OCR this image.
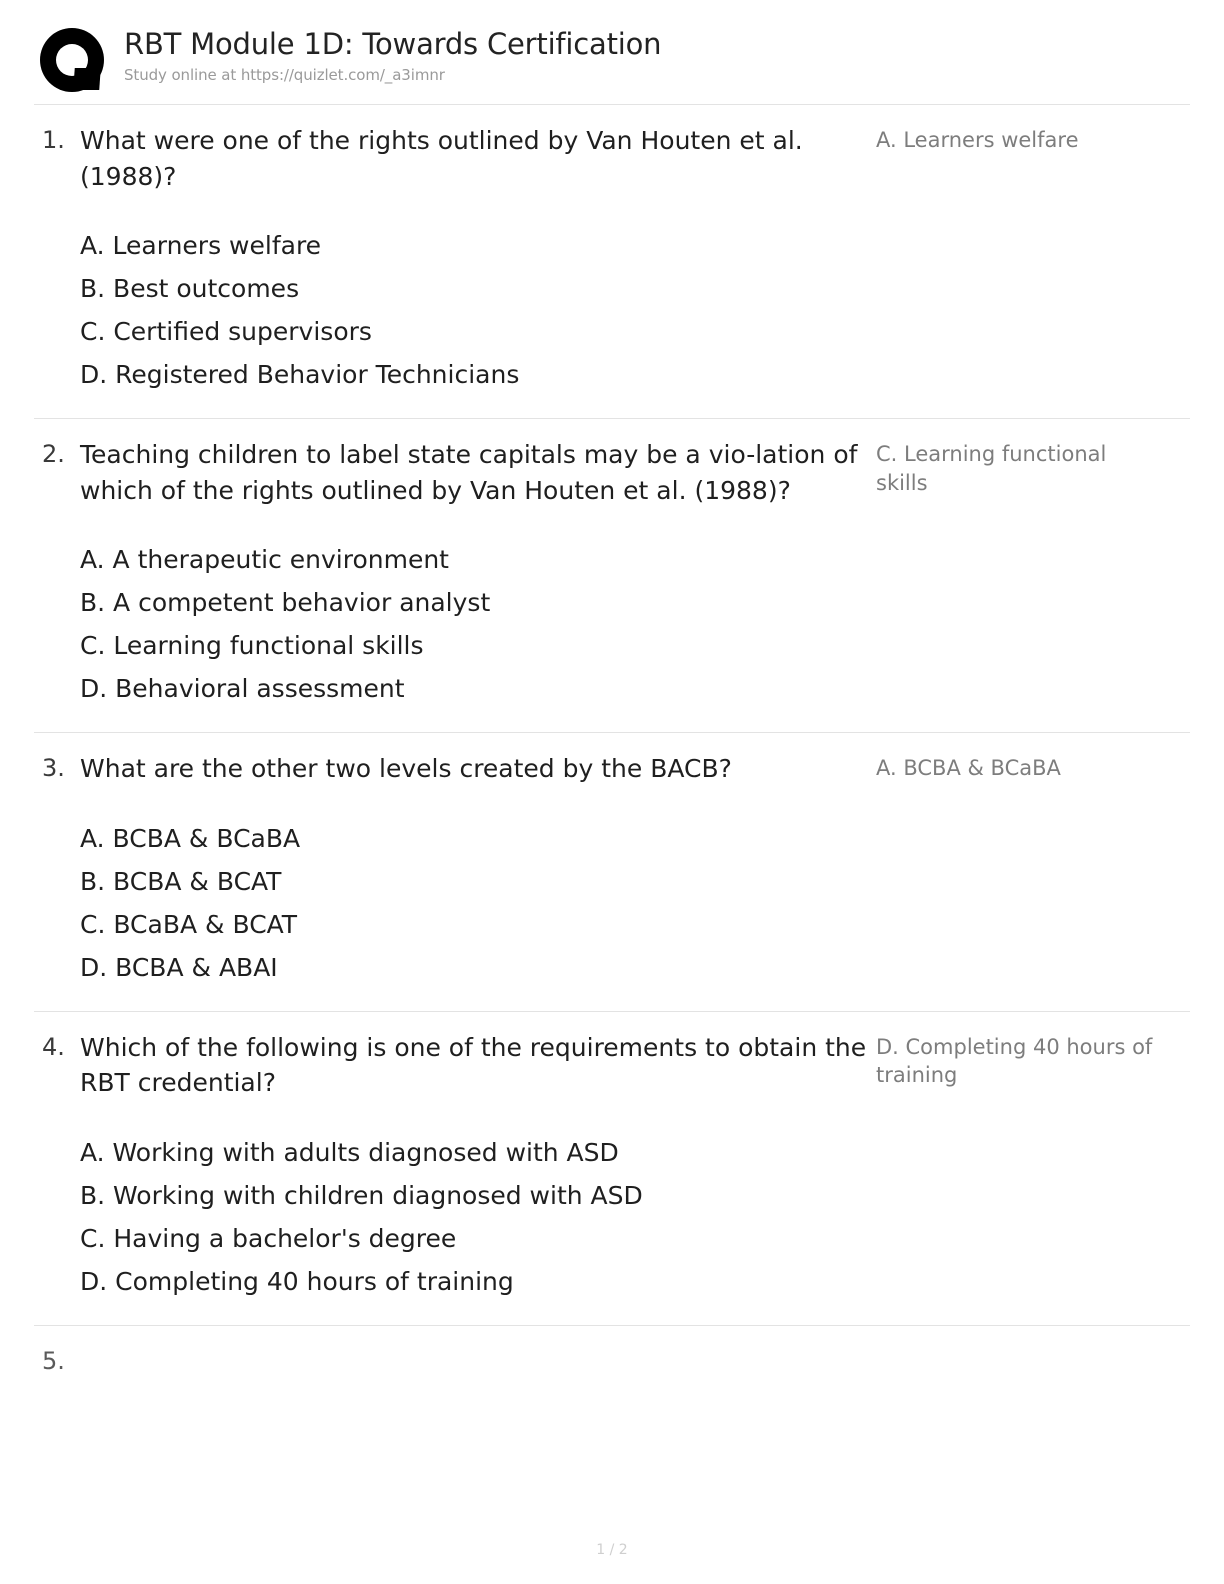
RBT Module 1D: Towards Certification
Study online at https://quizlet.com/_a3imnr
1. What were one of the rights outlined by Van Houten et al. (1988)?
A. Learners welfare
B. Best outcomes
C. Certified supervisors
D. Registered Behavior Technicians
A. Learners welfare
2. Teaching children to label state capitals may be a vio-lation of which of the rights outlined by Van Houten et al. (1988)?
A. A therapeutic environment
B. A competent behavior analyst
C. Learning functional skills
D. Behavioral assessment
C. Learning functional skills
3. What are the other two levels created by the BACB?
A. BCBA & BCaBA
B. BCBA & BCAT
C. BCaBA & BCAT
D. BCBA & ABAI
A. BCBA & BCaBA
4. Which of the following is one of the requirements to obtain the RBT credential?
A. Working with adults diagnosed with ASD
B. Working with children diagnosed with ASD
C. Having a bachelor's degree
D. Completing 40 hours of training
D. Completing 40 hours of training
5.
1 / 2
